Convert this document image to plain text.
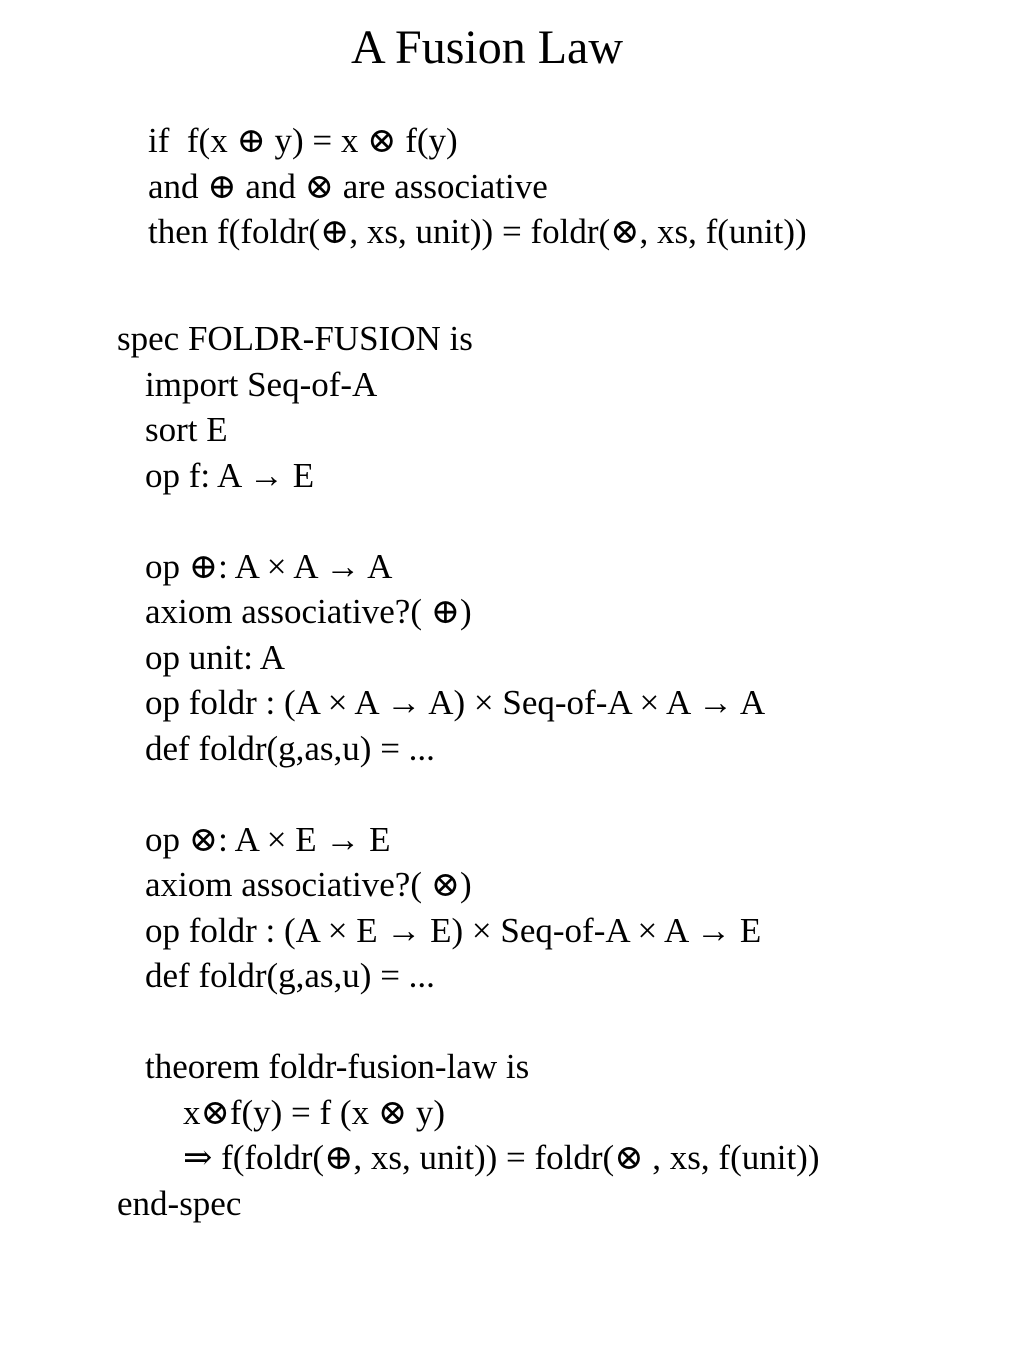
A Fusion Law
if  f(x ⊕ y) = x ⊗ f(y)
and ⊕ and ⊗ are associative
then f(foldr(⊕, xs, unit)) = foldr(⊗, xs, f(unit))
spec FOLDR-FUSION is
import Seq-of-A
sort E
op f: A → E
op ⊕: A × A → A
axiom associative?( ⊕)
op unit: A
op foldr : (A × A → A) × Seq-of-A × A → A
def foldr(g,as,u) = ...
op ⊗: A × E → E
axiom associative?( ⊗)
op foldr : (A × E → E) × Seq-of-A × A → E
def foldr(g,as,u) = ...
theorem foldr-fusion-law is
x⊗f(y) = f (x ⊗ y)
⇒ f(foldr(⊕, xs, unit)) = foldr(⊗ , xs, f(unit))
end-spec
